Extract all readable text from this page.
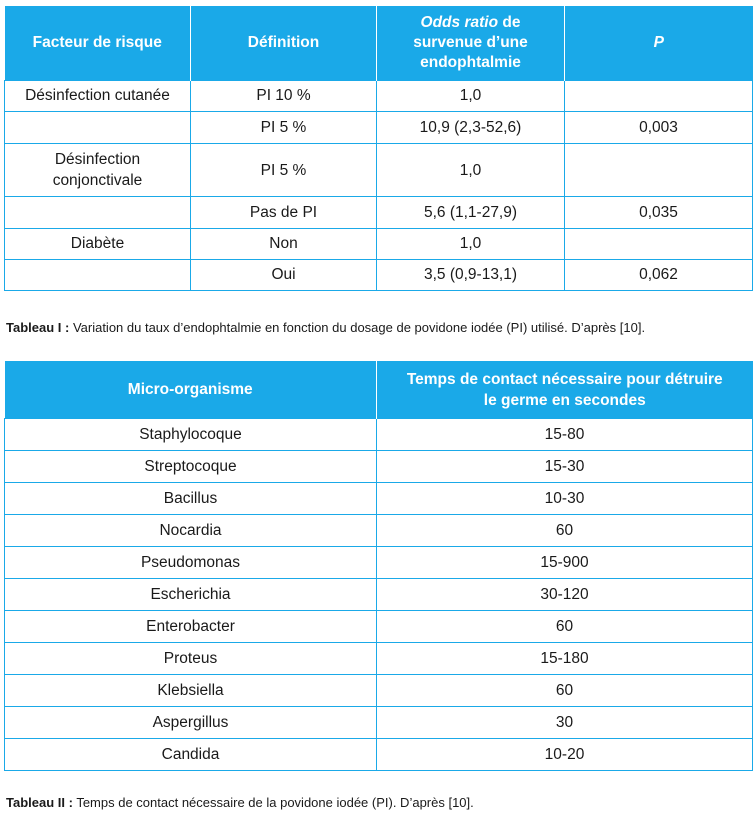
Facteur de risque	Définition	Odds ratio de
survenue d’une
endophtalmie	P
Désinfection cutanée	PI 10 %	1,0	
	PI 5 %	10,9 (2,3-52,6)	0,003
Désinfection
conjonctivale	PI 5 %	1,0	
	Pas de PI	5,6 (1,1-27,9)	0,035
Diabète	Non	1,0	
	Oui	3,5 (0,9-13,1)	0,062
Tableau I : Variation du taux d’endophtalmie en fonction du dosage de povidone iodée (PI) utilisé. D’après [10].
Micro-organisme	Temps de contact nécessaire pour détruire
le germe en secondes
Staphylocoque	15-80
Streptocoque	15-30
Bacillus	10-30
Nocardia	60
Pseudomonas	15-900
Escherichia	30-120
Enterobacter	60
Proteus	15-180
Klebsiella	60
Aspergillus	30
Candida	10-20
Tableau II : Temps de contact nécessaire de la povidone iodée (PI). D’après [10].
